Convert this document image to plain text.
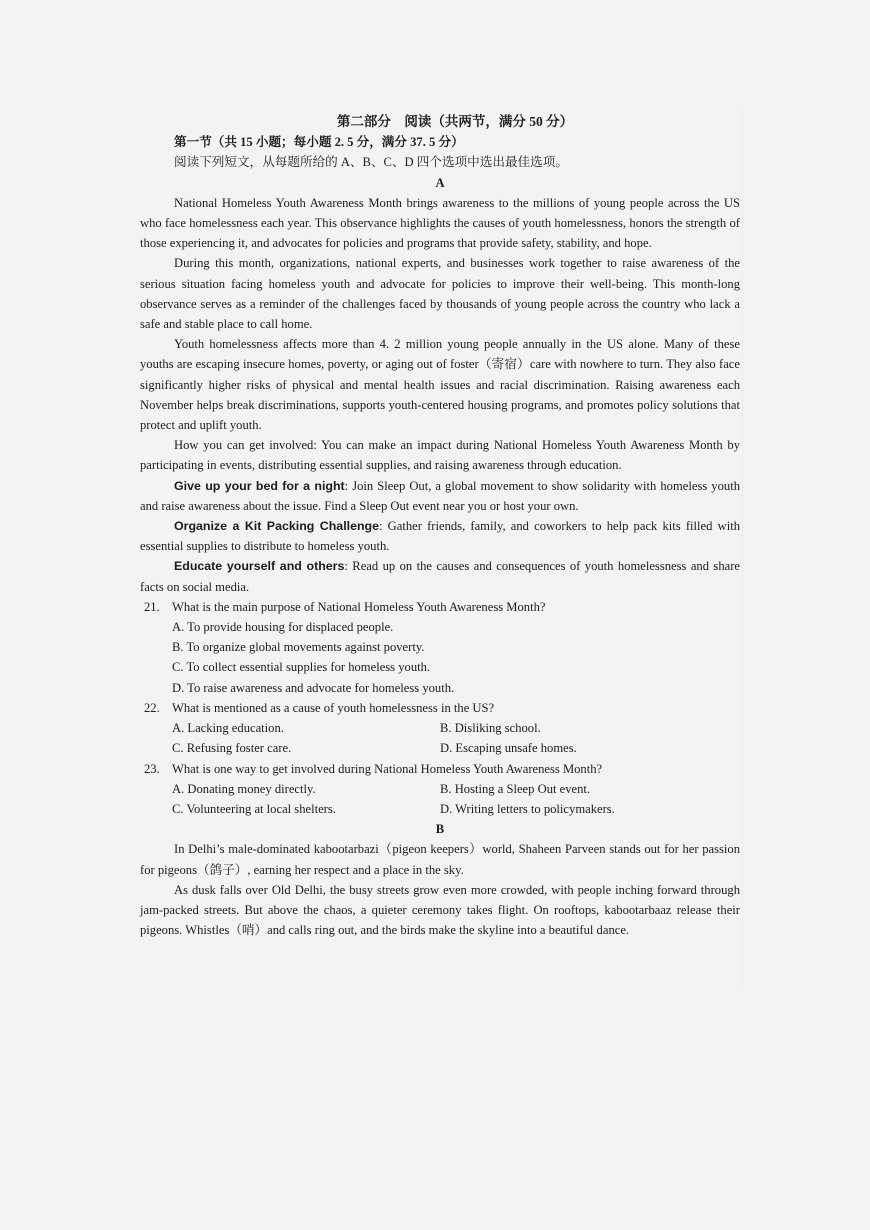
第二部分　阅读（共两节，满分 50 分）

第一节（共 15 小题；每小题 2. 5 分，满分 37. 5 分）

阅读下列短文，从每题所给的 A、B、C、D 四个选项中选出最佳选项。

A

National Homeless Youth Awareness Month brings awareness to the millions of young people across the US who face homelessness each year. This observance highlights the causes of youth homelessness, honors the strength of those experiencing it, and advocates for policies and programs that provide safety, stability, and hope.

During this month, organizations, national experts, and businesses work together to raise awareness of the serious situation facing homeless youth and advocate for policies to improve their well-being. This month-long observance serves as a reminder of the challenges faced by thousands of young people across the country who lack a safe and stable place to call home.

Youth homelessness affects more than 4. 2 million young people annually in the US alone. Many of these youths are escaping insecure homes, poverty, or aging out of foster（寄宿）care with nowhere to turn. They also face significantly higher risks of physical and mental health issues and racial discrimination. Raising awareness each November helps break discriminations, supports youth-centered housing programs, and promotes policy solutions that protect and uplift youth.

How you can get involved: You can make an impact during National Homeless Youth Awareness Month by participating in events, distributing essential supplies, and raising awareness through education.

Give up your bed for a night: Join Sleep Out, a global movement to show solidarity with homeless youth and raise awareness about the issue. Find a Sleep Out event near you or host your own.

Organize a Kit Packing Challenge: Gather friends, family, and coworkers to help pack kits filled with essential supplies to distribute to homeless youth.

Educate yourself and others: Read up on the causes and consequences of youth homelessness and share facts on social media.

21. What is the main purpose of National Homeless Youth Awareness Month?

A. To provide housing for displaced people.

B. To organize global movements against poverty.

C. To collect essential supplies for homeless youth.

D. To raise awareness and advocate for homeless youth.

22. What is mentioned as a cause of youth homelessness in the US?

A. Lacking education.	B. Disliking school.
C. Refusing foster care.	D. Escaping unsafe homes.

23. What is one way to get involved during National Homeless Youth Awareness Month?

A. Donating money directly.	B. Hosting a Sleep Out event.
C. Volunteering at local shelters.	D. Writing letters to policymakers.

B

In Delhi’s male-dominated kabootarbazi（pigeon keepers）world, Shaheen Parveen stands out for her passion for pigeons（鸽子）, earning her respect and a place in the sky.

As dusk falls over Old Delhi, the busy streets grow even more crowded, with people inching forward through jam-packed streets. But above the chaos, a quieter ceremony takes flight. On rooftops, kabootarbaaz release their pigeons. Whistles（哨）and calls ring out, and the birds make the skyline into a beautiful dance.
